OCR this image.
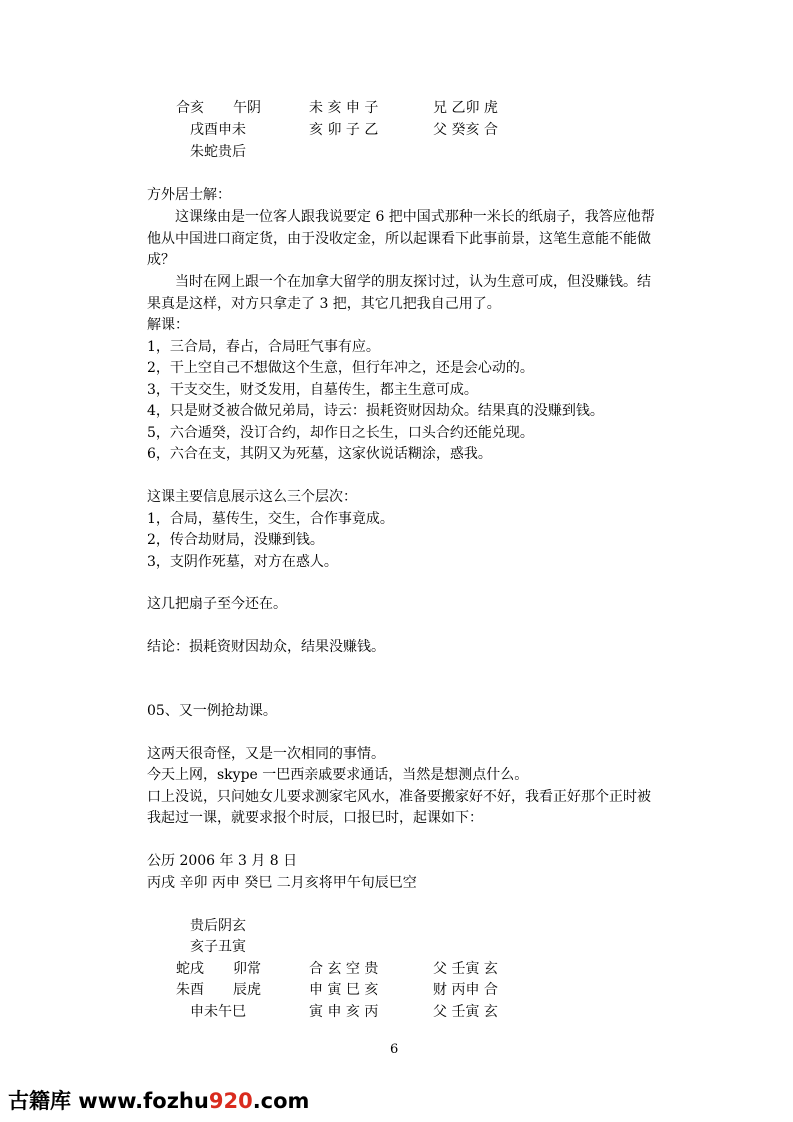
合亥 午阴	未 亥 申 子	兄 乙卯 虎
戌酉申未	亥 卯 子 乙	父 癸亥 合
朱蛇贵后
方外居士解：
这课缘由是一位客人跟我说要定 6 把中国式那种一米长的纸扇子，我答应他帮
他从中国进口商定货，由于没收定金，所以起课看下此事前景，这笔生意能不能做
成？
当时在网上跟一个在加拿大留学的朋友探讨过，认为生意可成，但没赚钱。结
果真是这样，对方只拿走了 3 把，其它几把我自己用了。
解课：
1，三合局，春占，合局旺气事有应。
2，干上空自己不想做这个生意，但行年冲之，还是会心动的。
3，干支交生，财爻发用，自墓传生，都主生意可成。
4，只是财爻被合做兄弟局，诗云：损耗资财因劫众。结果真的没赚到钱。
5，六合遁癸，没订合约，却作日之长生，口头合约还能兑现。
6，六合在支，其阴又为死墓，这家伙说话糊涂，惑我。
这课主要信息展示这么三个层次：
1，合局，墓传生，交生，合作事竟成。
2，传合劫财局，没赚到钱。
3，支阴作死墓，对方在惑人。
这几把扇子至今还在。
结论：损耗资财因劫众，结果没赚钱。
05、又一例抢劫课。
这两天很奇怪，又是一次相同的事情。
今天上网，skype 一巴西亲戚要求通话，当然是想测点什么。
口上没说，只问她女儿要求测家宅风水，准备要搬家好不好，我看正好那个正时被
我起过一课，就要求报个时辰，口报巳时，起课如下：
公历 2006 年 3 月 8 日
丙戌 辛卯 丙申 癸巳 二月亥将甲午旬辰巳空
贵后阴玄
亥子丑寅
蛇戌 卯常	合 玄 空 贵	父 壬寅 玄
朱酉 辰虎	申 寅 巳 亥	财 丙申 合
申未午巳	寅 申 亥 丙	父 壬寅 玄
6
古籍库 www.fozhu920.com
